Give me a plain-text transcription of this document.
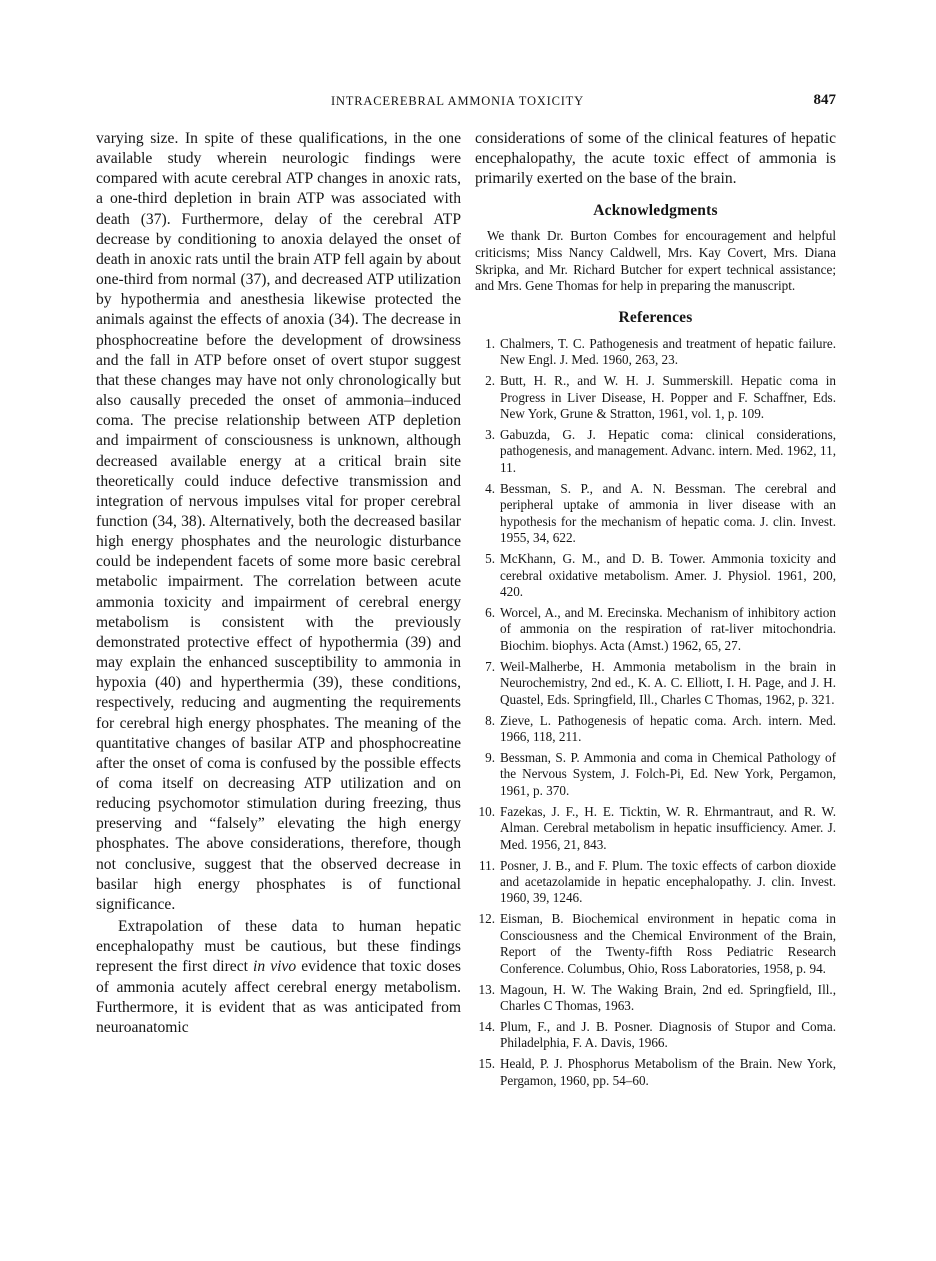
INTRACEREBRAL AMMONIA TOXICITY	847

varying size. In spite of these qualifications, in the one available study wherein neurologic findings were compared with acute cerebral ATP changes in anoxic rats, a one-third depletion in brain ATP was associated with death (37). Furthermore, delay of the cerebral ATP decrease by conditioning to anoxia delayed the onset of death in anoxic rats until the brain ATP fell again by about one-third from normal (37), and decreased ATP utilization by hypothermia and anesthesia likewise protected the animals against the effects of anoxia (34). The decrease in phosphocreatine before the development of drowsiness and the fall in ATP before onset of overt stupor suggest that these changes may have not only chronologically but also causally preceded the onset of ammonia–induced coma. The precise relationship between ATP depletion and impairment of consciousness is unknown, although decreased available energy at a critical brain site theoretically could induce defective transmission and integration of nervous impulses vital for proper cerebral function (34, 38). Alternatively, both the decreased basilar high energy phosphates and the neurologic disturbance could be independent facets of some more basic cerebral metabolic impairment. The correlation between acute ammonia toxicity and impairment of cerebral energy metabolism is consistent with the previously demonstrated protective effect of hypothermia (39) and may explain the enhanced susceptibility to ammonia in hypoxia (40) and hyperthermia (39), these conditions, respectively, reducing and augmenting the requirements for cerebral high energy phosphates. The meaning of the quantitative changes of basilar ATP and phosphocreatine after the onset of coma is confused by the possible effects of coma itself on decreasing ATP utilization and on reducing psychomotor stimulation during freezing, thus preserving and “falsely” elevating the high energy phosphates. The above considerations, therefore, though not conclusive, suggest that the observed decrease in basilar high energy phosphates is of functional significance.

Extrapolation of these data to human hepatic encephalopathy must be cautious, but these findings represent the first direct in vivo evidence that toxic doses of ammonia acutely affect cerebral energy metabolism. Furthermore, it is evident that as was anticipated from neuroanatomic

considerations of some of the clinical features of hepatic encephalopathy, the acute toxic effect of ammonia is primarily exerted on the base of the brain.

Acknowledgments

We thank Dr. Burton Combes for encouragement and helpful criticisms; Miss Nancy Caldwell, Mrs. Kay Covert, Mrs. Diana Skripka, and Mr. Richard Butcher for expert technical assistance; and Mrs. Gene Thomas for help in preparing the manuscript.

References
1. Chalmers, T. C. Pathogenesis and treatment of hepatic failure. New Engl. J. Med. 1960, 263, 23.
2. Butt, H. R., and W. H. J. Summerskill. Hepatic coma in Progress in Liver Disease, H. Popper and F. Schaffner, Eds. New York, Grune & Stratton, 1961, vol. 1, p. 109.
3. Gabuzda, G. J. Hepatic coma: clinical considerations, pathogenesis, and management. Advanc. intern. Med. 1962, 11, 11.
4. Bessman, S. P., and A. N. Bessman. The cerebral and peripheral uptake of ammonia in liver disease with an hypothesis for the mechanism of hepatic coma. J. clin. Invest. 1955, 34, 622.
5. McKhann, G. M., and D. B. Tower. Ammonia toxicity and cerebral oxidative metabolism. Amer. J. Physiol. 1961, 200, 420.
6. Worcel, A., and M. Erecinska. Mechanism of inhibitory action of ammonia on the respiration of rat-liver mitochondria. Biochim. biophys. Acta (Amst.) 1962, 65, 27.
7. Weil-Malherbe, H. Ammonia metabolism in the brain in Neurochemistry, 2nd ed., K. A. C. Elliott, I. H. Page, and J. H. Quastel, Eds. Springfield, Ill., Charles C Thomas, 1962, p. 321.
8. Zieve, L. Pathogenesis of hepatic coma. Arch. intern. Med. 1966, 118, 211.
9. Bessman, S. P. Ammonia and coma in Chemical Pathology of the Nervous System, J. Folch-Pi, Ed. New York, Pergamon, 1961, p. 370.
10. Fazekas, J. F., H. E. Ticktin, W. R. Ehrmantraut, and R. W. Alman. Cerebral metabolism in hepatic insufficiency. Amer. J. Med. 1956, 21, 843.
11. Posner, J. B., and F. Plum. The toxic effects of carbon dioxide and acetazolamide in hepatic encephalopathy. J. clin. Invest. 1960, 39, 1246.
12. Eisman, B. Biochemical environment in hepatic coma in Consciousness and the Chemical Environment of the Brain, Report of the Twenty-fifth Ross Pediatric Research Conference. Columbus, Ohio, Ross Laboratories, 1958, p. 94.
13. Magoun, H. W. The Waking Brain, 2nd ed. Springfield, Ill., Charles C Thomas, 1963.
14. Plum, F., and J. B. Posner. Diagnosis of Stupor and Coma. Philadelphia, F. A. Davis, 1966.
15. Heald, P. J. Phosphorus Metabolism of the Brain. New York, Pergamon, 1960, pp. 54–60.
